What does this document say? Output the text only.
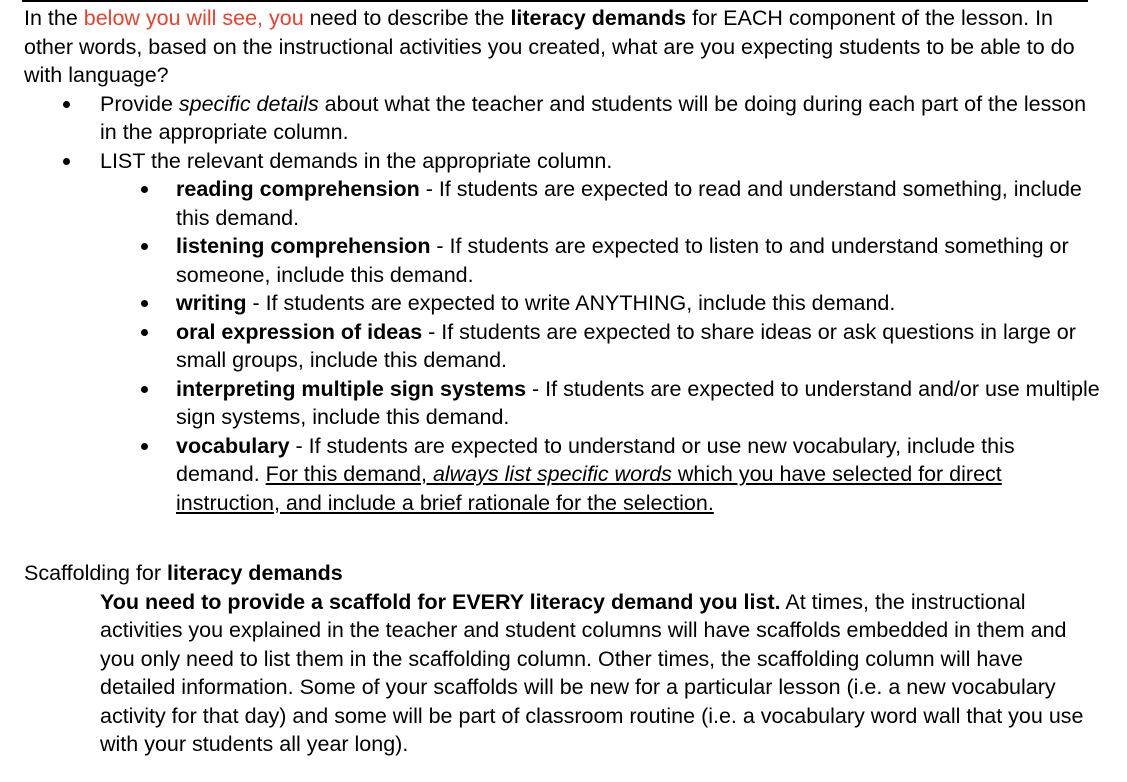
In the below you will see, you need to describe the literacy demands for EACH component of the lesson. In other words, based on the instructional activities you created, what are you expecting students to be able to do with language?

Provide specific details about what the teacher and students will be doing during each part of the lesson in the appropriate column.
LIST the relevant demands in the appropriate column.
reading comprehension - If students are expected to read and understand something, include this demand.
listening comprehension - If students are expected to listen to and understand something or someone, include this demand.
writing - If students are expected to write ANYTHING, include this demand.
oral expression of ideas - If students are expected to share ideas or ask questions in large or small groups, include this demand.
interpreting multiple sign systems - If students are expected to understand and/or use multiple sign systems, include this demand.
vocabulary - If students are expected to understand or use new vocabulary, include this demand. For this demand, always list specific words which you have selected for direct instruction, and include a brief rationale for the selection.

Scaffolding for literacy demands

You need to provide a scaffold for EVERY literacy demand you list. At times, the instructional activities you explained in the teacher and student columns will have scaffolds embedded in them and you only need to list them in the scaffolding column. Other times, the scaffolding column will have detailed information. Some of your scaffolds will be new for a particular lesson (i.e. a new vocabulary activity for that day) and some will be part of classroom routine (i.e. a vocabulary word wall that you use with your students all year long).
